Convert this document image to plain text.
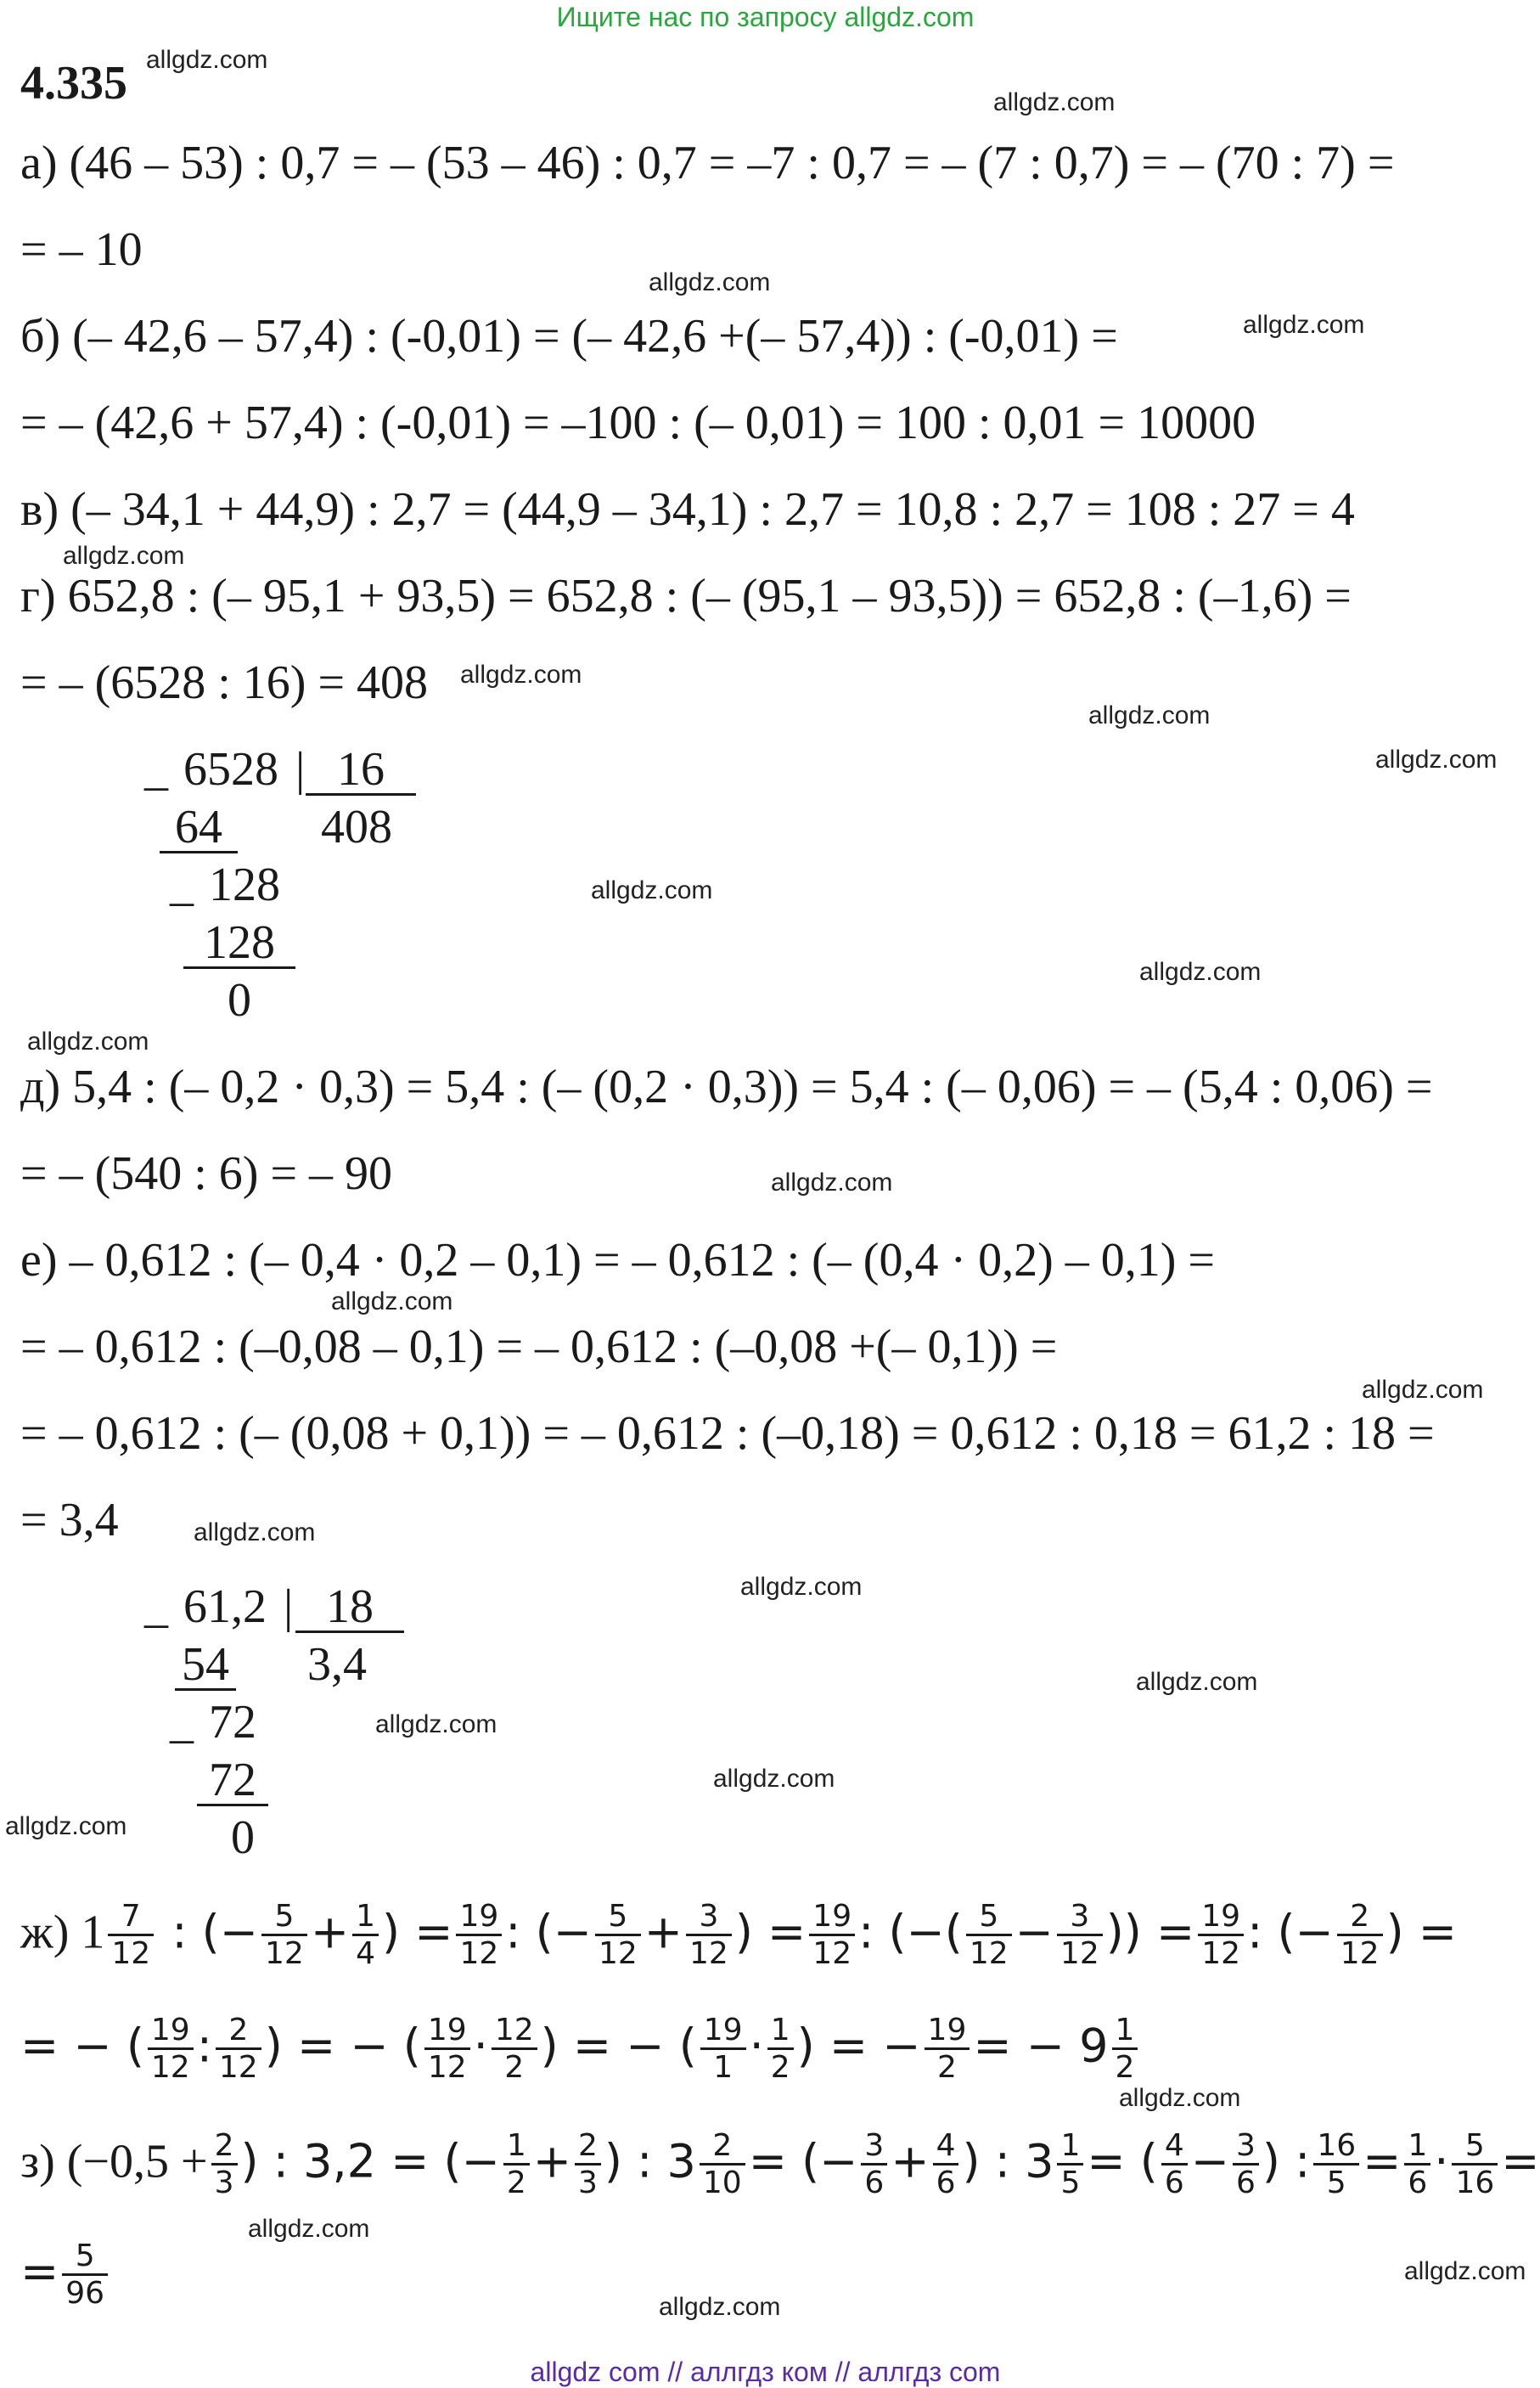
Ищите нас по запросу allgdz.com
4.335 allgdz.com
allgdz.com
allgdz.com
allgdz.com
allgdz.com
allgdz.com
allgdz.com
allgdz.com
allgdz.com
allgdz.com
allgdz.com
allgdz.com
allgdz.com
allgdz.com
allgdz.com
allgdz.com
allgdz.com
allgdz.com
allgdz.com
allgdz.com
allgdz.com
allgdz.com
allgdz.com
allgdz.com
а) (46 – 53) : 0,7 = – (53 – 46) : 0,7 = –7 : 0,7 = – (7 : 0,7) = – (70 : 7) =
= – 10
б) (– 42,6 – 57,4) : (-0,01) = (– 42,6 +(– 57,4)) : (-0,01) =
= – (42,6 + 57,4) : (-0,01) = –100 : (– 0,01) = 100 : 0,01 = 10000
в) (– 34,1 + 44,9) : 2,7 = (44,9 – 34,1) : 2,7 = 10,8 : 2,7 = 108 : 27 = 4
г) 652,8 : (– 95,1 + 93,5) = 652,8 : (– (95,1 – 93,5)) = 652,8 : (–1,6) =
= – (6528 : 16) = 408
_ 6528 | 16
64	408
_ 128
128
0
д) 5,4 : (– 0,2 · 0,3) = 5,4 : (– (0,2 · 0,3)) = 5,4 : (– 0,06) = – (5,4 : 0,06) =
= – (540 : 6) = – 90
е) – 0,612 : (– 0,4 · 0,2 – 0,1) = – 0,612 : (– (0,4 · 0,2) – 0,1) =
= – 0,612 : (–0,08 – 0,1) = – 0,612 : (–0,08 +(– 0,1)) =
= – 0,612 : (– (0,08 + 0,1)) = – 0,612 : (–0,18) = 0,612 : 0,18 = 61,2 : 18 =
= 3,4
_ 61,2 | 18
54 3,4
_ 72
72
0
ж) $1 \frac{7}{12}$ : (− $\frac{5}{12} + \frac{1}{4}$ ) = $\frac{19}{12}$ : (− $\frac{5}{12} + \frac{3}{12}$ ) = $\frac{19}{12}$ : (−( $\frac{5}{12} - \frac{3}{12}$ )) = $\frac{19}{12}$ : (− $\frac{2}{12}$ ) =
= − ( $\frac{19}{12}$ : $\frac{2}{12}$ ) = − ( $\frac{19}{12} \cdot \frac{12}{2}$ ) = − ( $\frac{19}{1} \cdot \frac{1}{2}$ ) = − $\frac{19}{2}$ = − $9 \frac{1}{2}$
з) ($-0,5 + \frac{2}{3}$ ) : 3,2 = (− $\frac{1}{2} + \frac{2}{3}$ ) : $3 \frac{2}{10}$ = (− $\frac{3}{6} + \frac{4}{6}$ ) : $3 \frac{1}{5}$ = ( $\frac{4}{6} - \frac{3}{6}$ ) : $\frac{16}{5} = \frac{1}{6} \cdot \frac{5}{16}$ =
= $\frac{5}{96}$
allgdz com // аллгдз ком // аллгдз com
